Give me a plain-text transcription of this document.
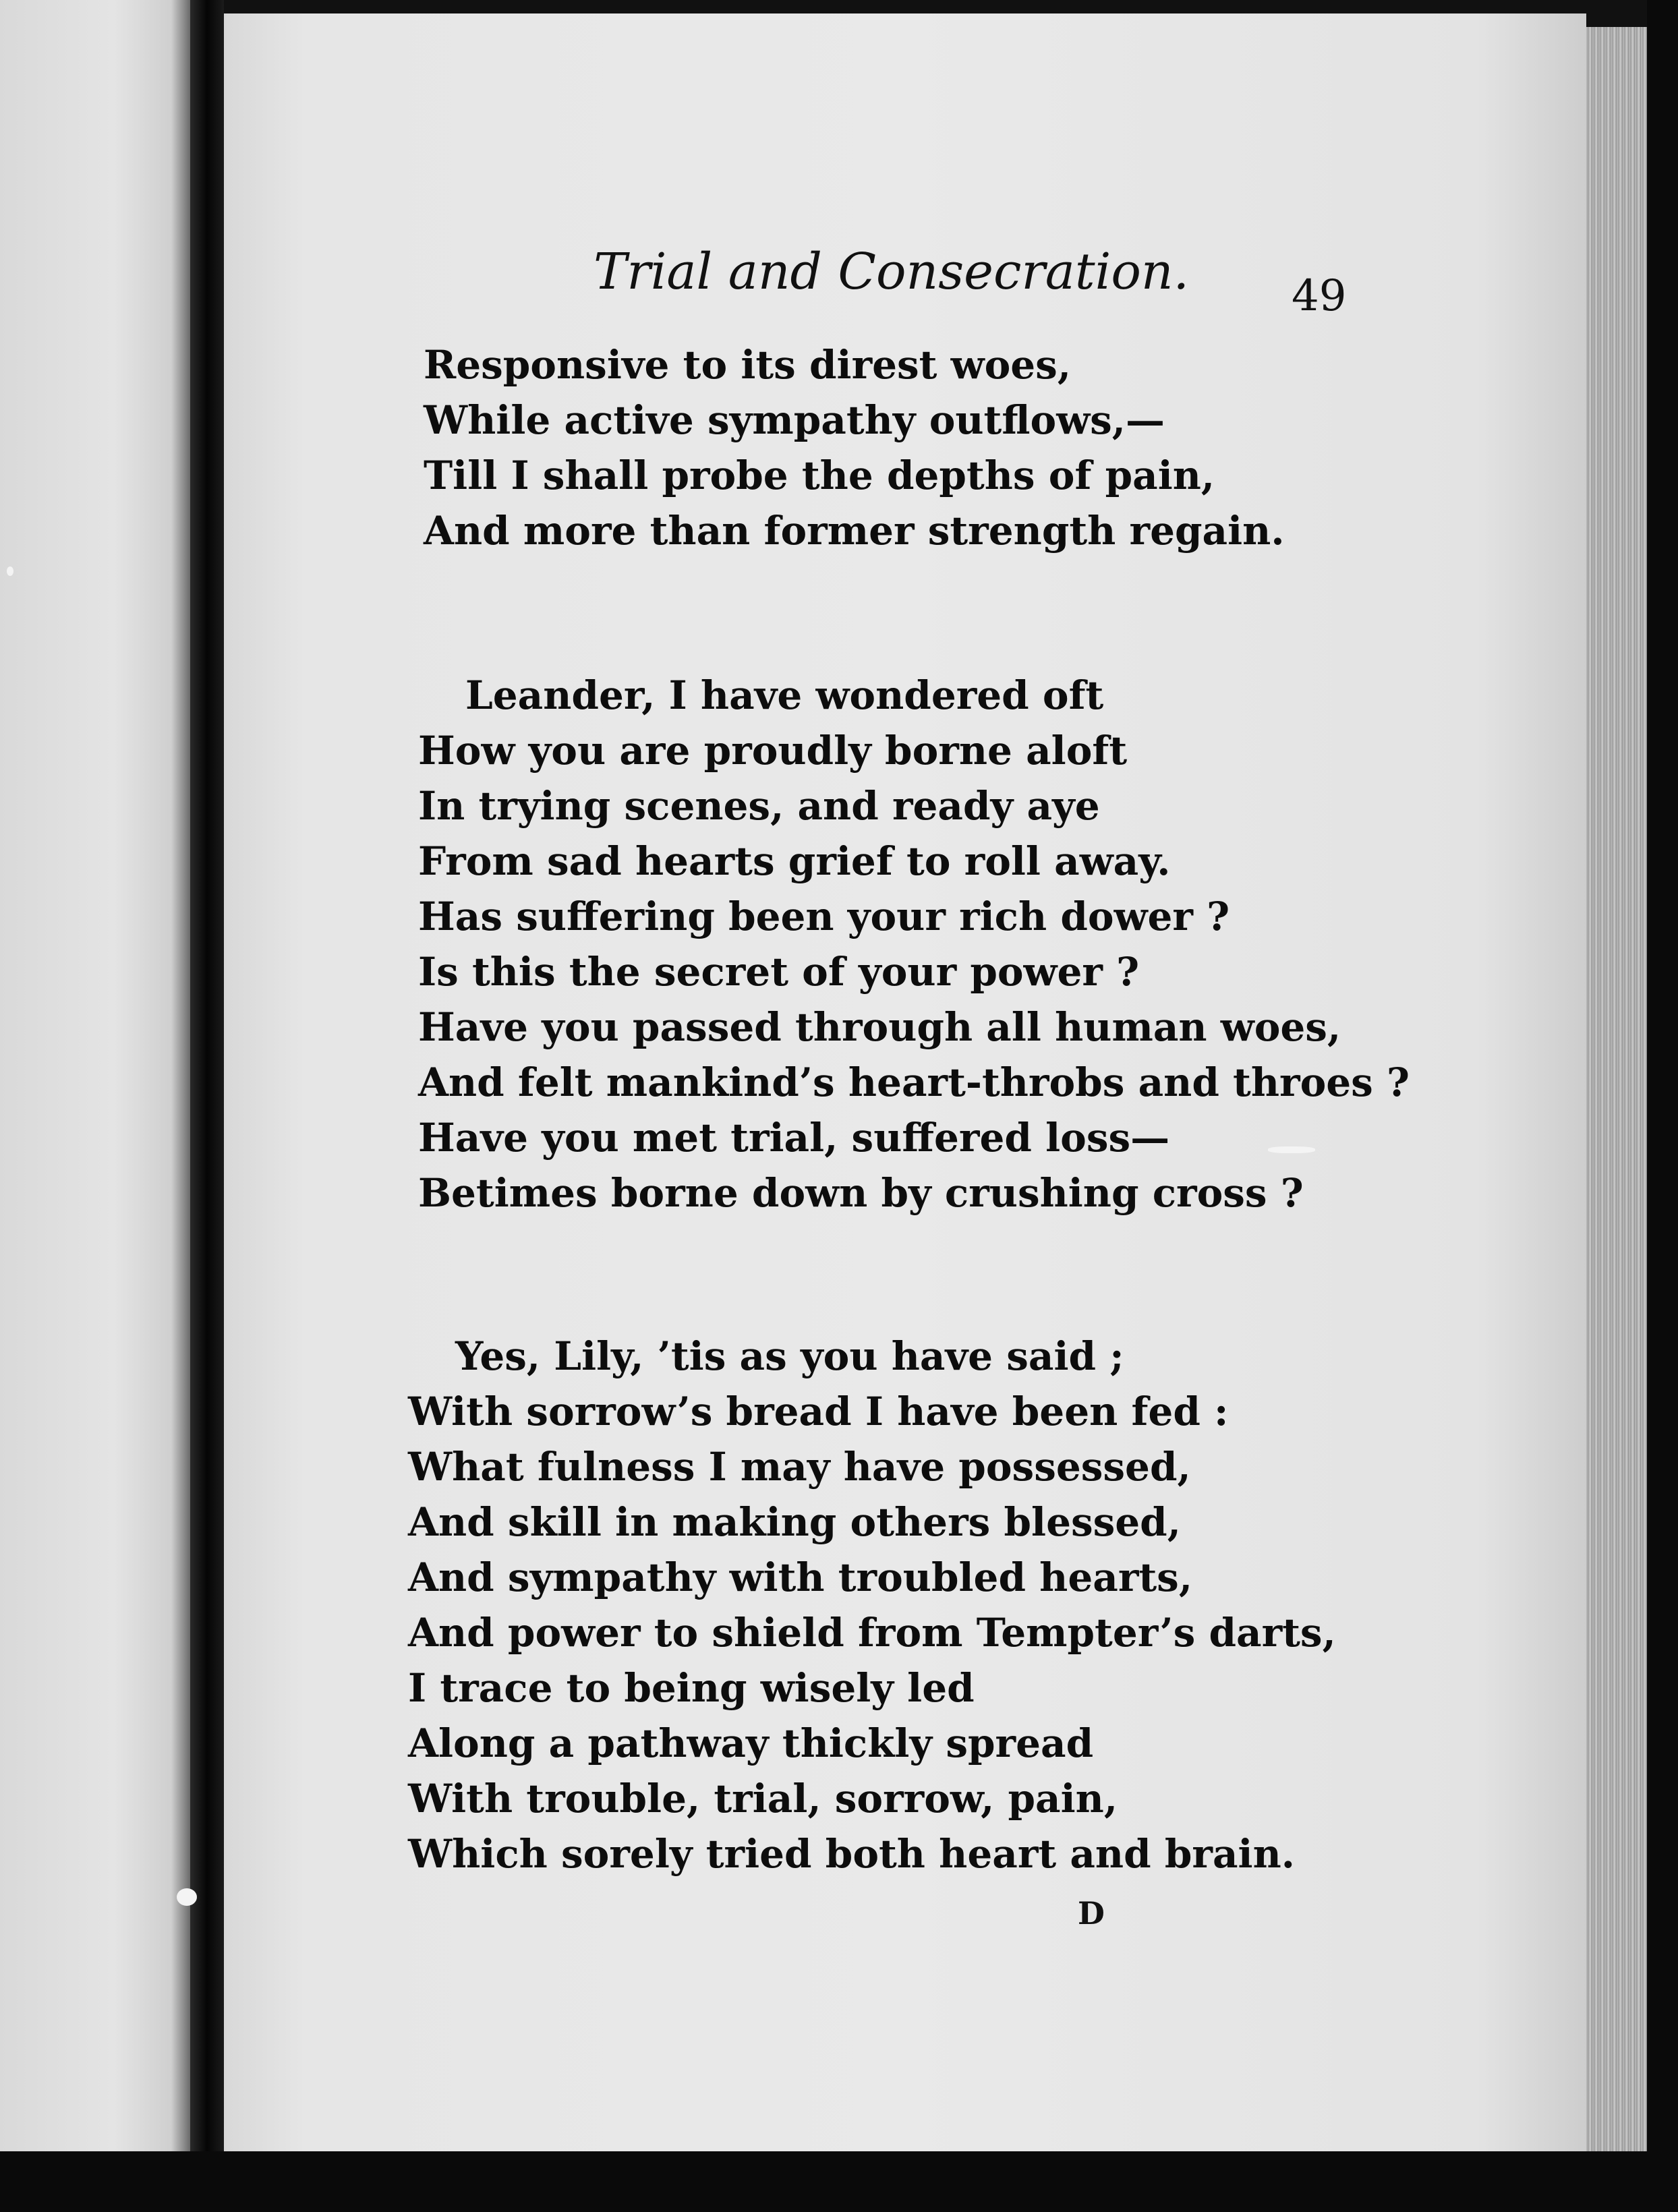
Trial and Consecration. 49
Responsive to its direst woes,
While active sympathy outflows,—
Till I shall probe the depths of pain,
And more than former strength regain.
Leander, I have wondered oft
How you are proudly borne aloft
In trying scenes, and ready aye
From sad hearts grief to roll away.
Has suffering been your rich dower ?
Is this the secret of your power ?
Have you passed through all human woes,
And felt mankind’s heart-throbs and throes ?
Have you met trial, suffered loss—
Betimes borne down by crushing cross ?
Yes, Lily, ’tis as you have said ;
With sorrow’s bread I have been fed :
What fulness I may have possessed,
And skill in making others blessed,
And sympathy with troubled hearts,
And power to shield from Tempter’s darts,
I trace to being wisely led
Along a pathway thickly spread
With trouble, trial, sorrow, pain,
Which sorely tried both heart and brain.
D
